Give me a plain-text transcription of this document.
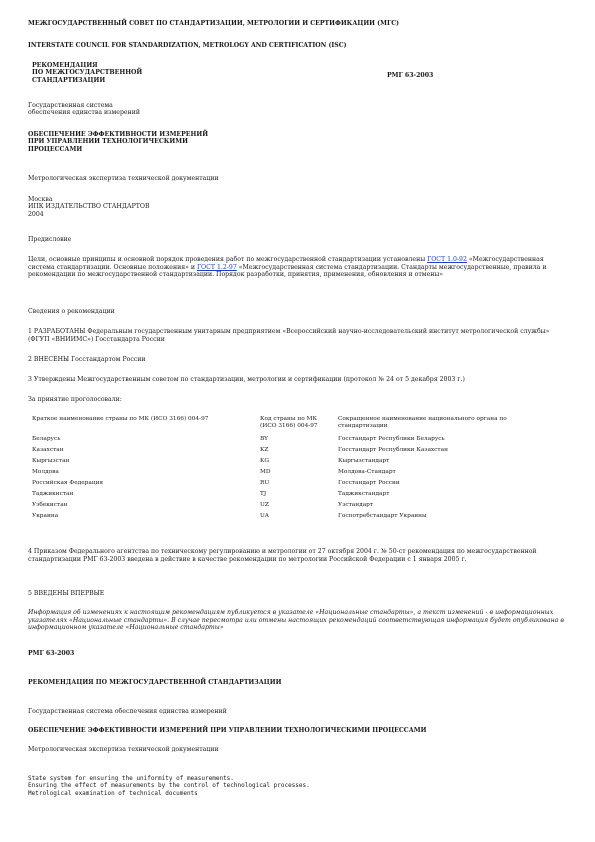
МЕЖГОСУДАРСТВЕННЫЙ СОВЕТ ПО СТАНДАРТИЗАЦИИ, МЕТРОЛОГИИ И СЕРТИФИКАЦИИ (МГС)
INTERSTATE COUNCIL FOR STANDARDIZATION, METROLOGY AND CERTIFICATION (ISC)
РЕКОМЕНДАЦИЯ
ПО МЕЖГОСУДАРСТВЕННОЙ
СТАНДАРТИЗАЦИИ
РМГ 63-2003
Государственная система
обеспечения единства измерений
ОБЕСПЕЧЕНИЕ ЭФФЕКТИВНОСТИ ИЗМЕРЕНИЙ
ПРИ УПРАВЛЕНИИ ТЕХНОЛОГИЧЕСКИМИ
ПРОЦЕССАМИ
Метрологическая экспертиза технической документации
Москва
ИПК ИЗДАТЕЛЬСТВО СТАНДАРТОВ
2004
Предисловие
Цели, основные принципы и основной порядок проведения работ по межгосударственной стандартизации установлены ГОСТ 1.0-92 «Межгосударственная система стандартизации. Основные положения» и ГОСТ 1.2-97 «Межгосударственная система стандартизации. Стандарты межгосударственные, правила и рекомендации по межгосударственной стандартизации. Порядок разработки, принятия, применения, обновления и отмены»
Сведения о рекомендации
1 РАЗРАБОТАНЫ Федеральным государственным унитарным предприятием «Всероссийский научно-исследовательский институт метрологической службы» (ФГУП «ВНИИМС») Госстандарта России
2 ВНЕСЕНЫ Госстандартом России
3 Утверждены Межгосударственным советом по стандартизации, метрологии и сертификации (протокол № 24 от 5 декабря 2003 г.)
За принятие проголосовали:
Краткое наименование страны по МК (ИСО 3166) 004-97	Код страны по МК (ИСО 3166) 004-97	Сокращенное наименование национального органа по стандартизации
Беларусь	BY	Госстандарт Республики Беларусь
Казахстан	KZ	Госстандарт Республики Казахстан
Кыргызстан	KG	Кыргызстандарт
Молдова	MD	Молдова-Стандарт
Российская Федерация	RU	Госстандарт России
Таджикистан	TJ	Таджикстандарт
Узбекистан	UZ	Узстандарт
Украина	UA	Госпотребстандарт Украины
4 Приказом Федерального агентства по техническому регулированию и метрологии от 27 октября 2004 г. № 50-ст рекомендация по межгосударственной стандартизации РМГ 63-2003 введена в действие в качестве рекомендации по метрологии Российской Федерации с 1 января 2005 г.
5 ВВЕДЕНЫ ВПЕРВЫЕ
Информация об изменениях к настоящим рекомендациям публикуется в указателе «Национальные стандарты», а текст изменений - в информационных указателях «Национальные стандарты». В случае пересмотра или отмены настоящих рекомендаций соответствующая информация будет опубликована в информационном указателе «Национальные стандарты»
РМГ 63-2003
РЕКОМЕНДАЦИЯ ПО МЕЖГОСУДАРСТВЕННОЙ СТАНДАРТИЗАЦИИ
Государственная система обеспечения единства измерений
ОБЕСПЕЧЕНИЕ ЭФФЕКТИВНОСТИ ИЗМЕРЕНИЙ ПРИ УПРАВЛЕНИИ ТЕХНОЛОГИЧЕСКИМИ ПРОЦЕССАМИ
Метрологическая экспертиза технической документации
State system for ensuring the uniformity of measurements.
Ensuring the effect of measurements by the control of technological processes.
Metrological examination of technical documents
